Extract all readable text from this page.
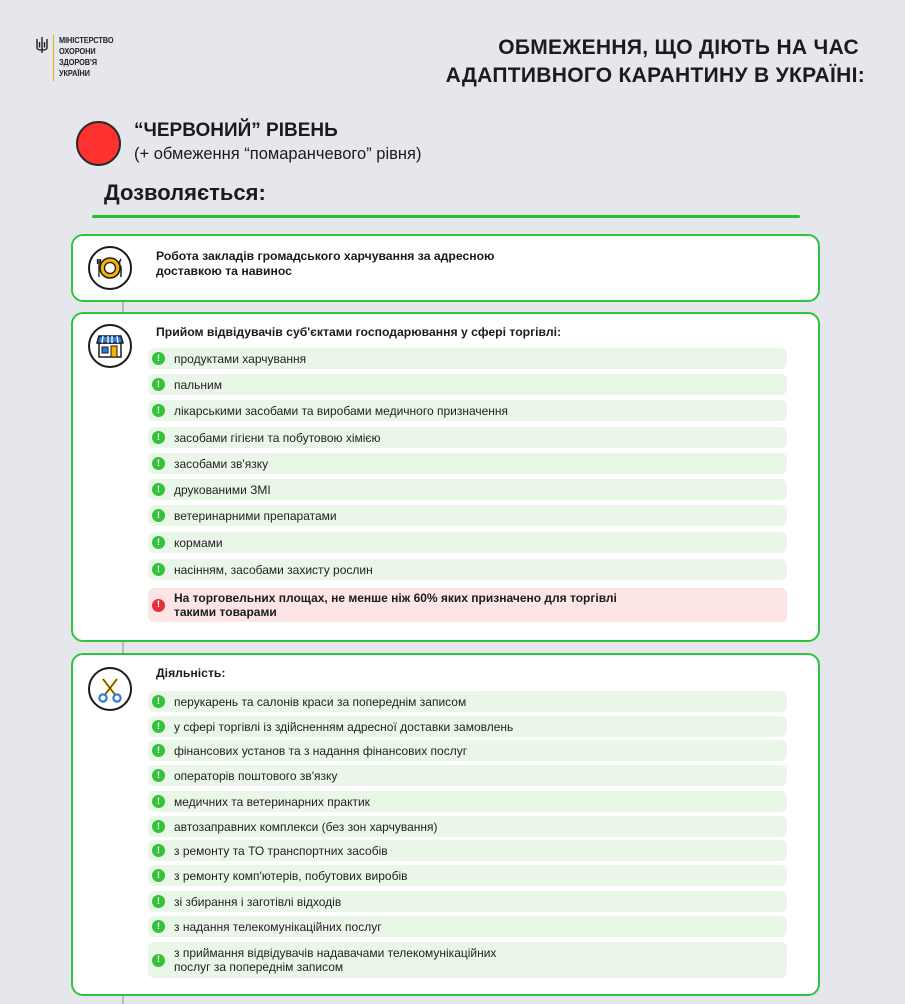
МІНІСТЕРСТВО
ОХОРОНИ
ЗДОРОВ'Я
УКРАЇНИ
ОБМЕЖЕННЯ, ЩО ДІЮТЬ НА ЧАС
АДАПТИВНОГО КАРАНТИНУ В УКРАЇНІ:
“ЧЕРВОНИЙ” РІВЕНЬ
(+ обмеження “помаранчевого” рівня)
Дозволяється:
Робота закладів громадського харчування за адресною
доставкою та навинос
Прийом відвідувачів суб'єктами господарювання у сфері торгівлі:
!	продуктами харчування
!	пальним
!	лікарськими засобами та виробами медичного призначення
!	засобами гігієни та побутовою хімією
!	засобами зв'язку
!	друкованими ЗМІ
!	ветеринарними препаратами
!	кормами
!	насінням, засобами захисту рослин
!	На торговельних площах, не менше ніж 60% яких призначено для торгівлі
такими товарами
Діяльність:
!	перукарень та салонів краси за попереднім записом
!	у сфері торгівлі із здійсненням адресної доставки замовлень
!	фінансових установ та з надання фінансових послуг
!	операторів поштового зв'язку
!	медичних та ветеринарних практик
!	автозаправних комплекси (без зон харчування)
!	з ремонту та ТО транспортних засобів
!	з ремонту комп'ютерів, побутових виробів
!	зі збирання і заготівлі відходів
!	з надання телекомунікаційних послуг
!	з приймання відвідувачів надавачами телекомунікаційних
послуг за попереднім записом
